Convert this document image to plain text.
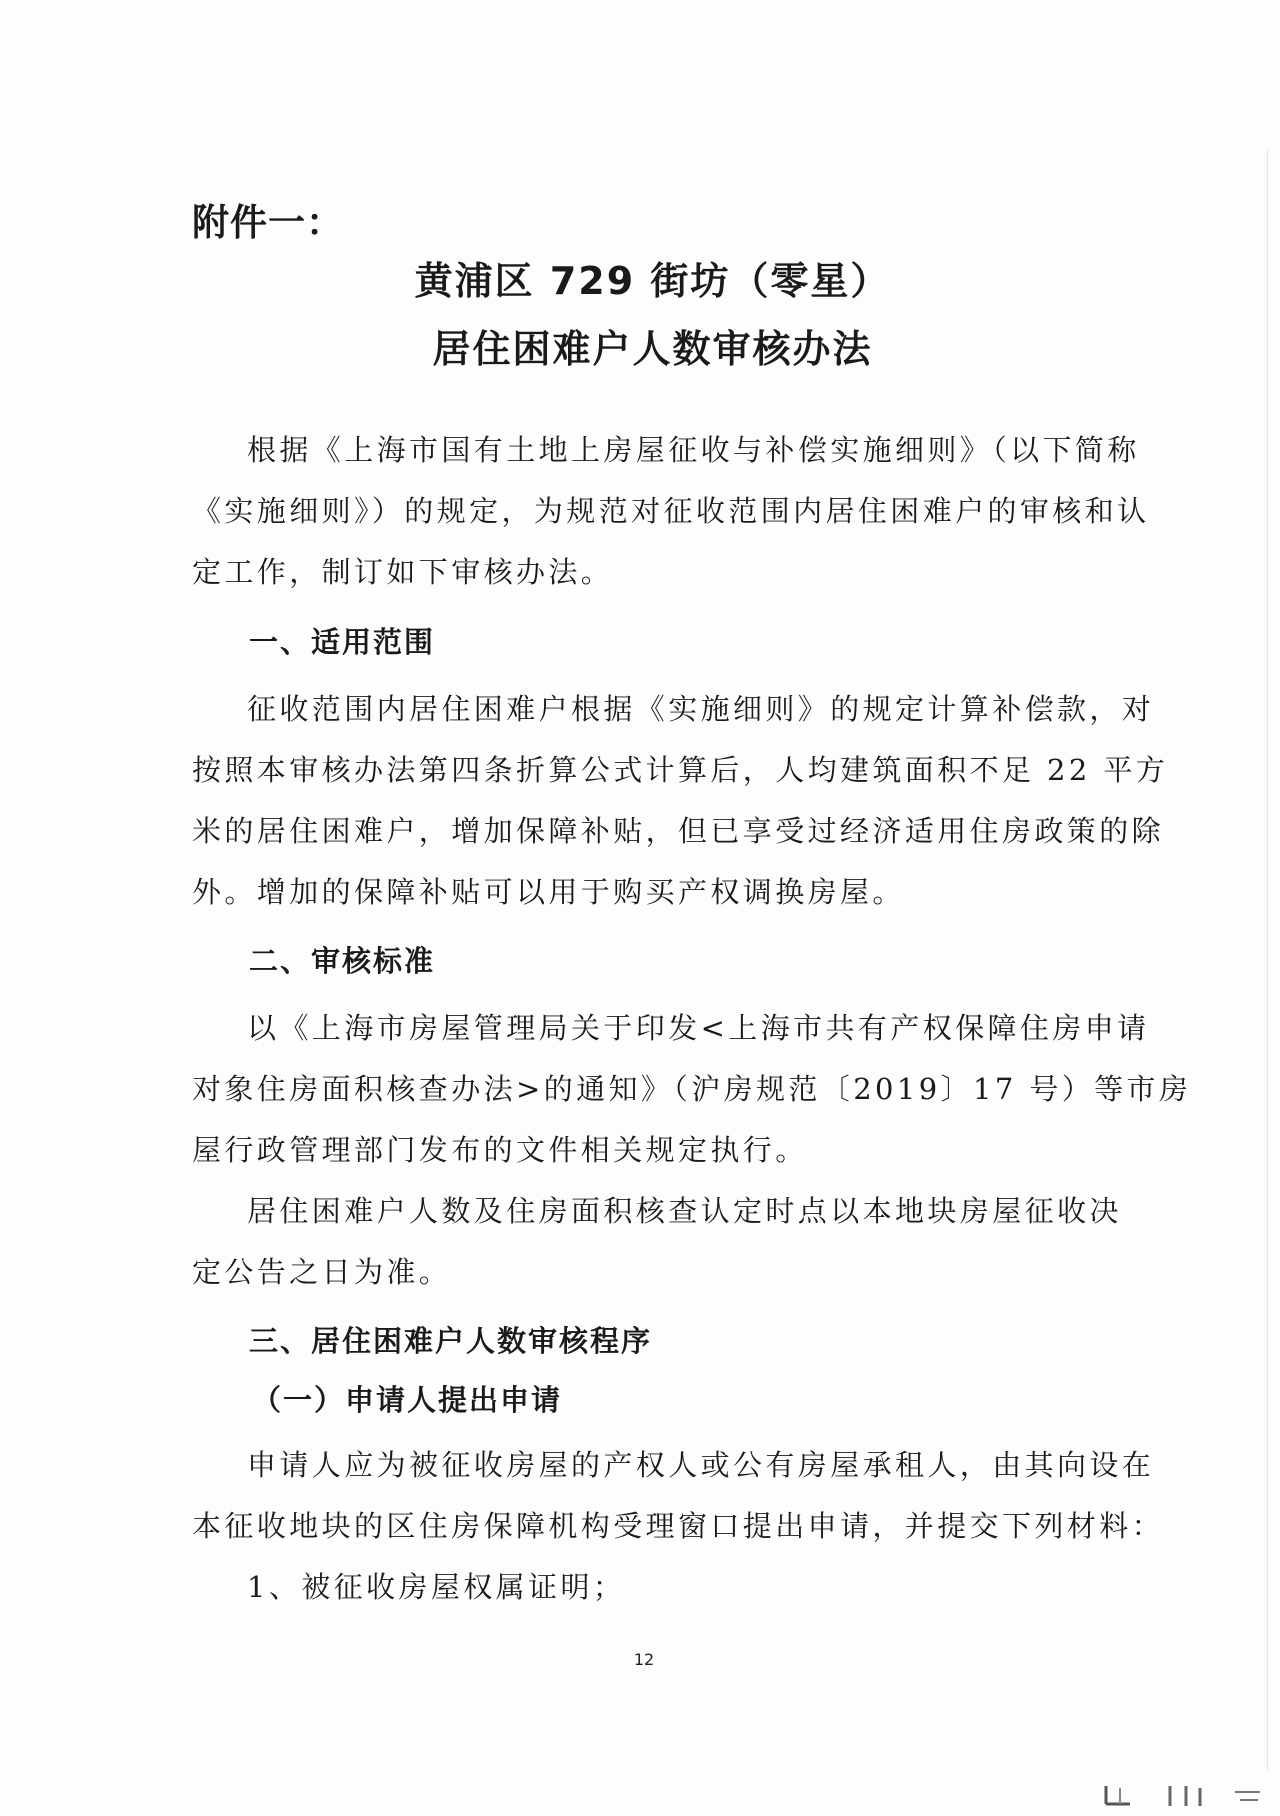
附件一：
黄浦区 729 街坊（零星）
居住困难户人数审核办法
根据《上海市国有土地上房屋征收与补偿实施细则》（以下简称
《实施细则》）的规定，为规范对征收范围内居住困难户的审核和认
定工作，制订如下审核办法。
一、适用范围
征收范围内居住困难户根据《实施细则》的规定计算补偿款，对
按照本审核办法第四条折算公式计算后，人均建筑面积不足 22 平方
米的居住困难户，增加保障补贴，但已享受过经济适用住房政策的除
外。增加的保障补贴可以用于购买产权调换房屋。
二、审核标准
以《上海市房屋管理局关于印发<上海市共有产权保障住房申请
对象住房面积核查办法>的通知》（沪房规范〔2019〕17 号）等市房
屋行政管理部门发布的文件相关规定执行。
居住困难户人数及住房面积核查认定时点以本地块房屋征收决
定公告之日为准。
三、居住困难户人数审核程序
（一）申请人提出申请
申请人应为被征收房屋的产权人或公有房屋承租人，由其向设在
本征收地块的区住房保障机构受理窗口提出申请，并提交下列材料：
1、被征收房屋权属证明；
12
